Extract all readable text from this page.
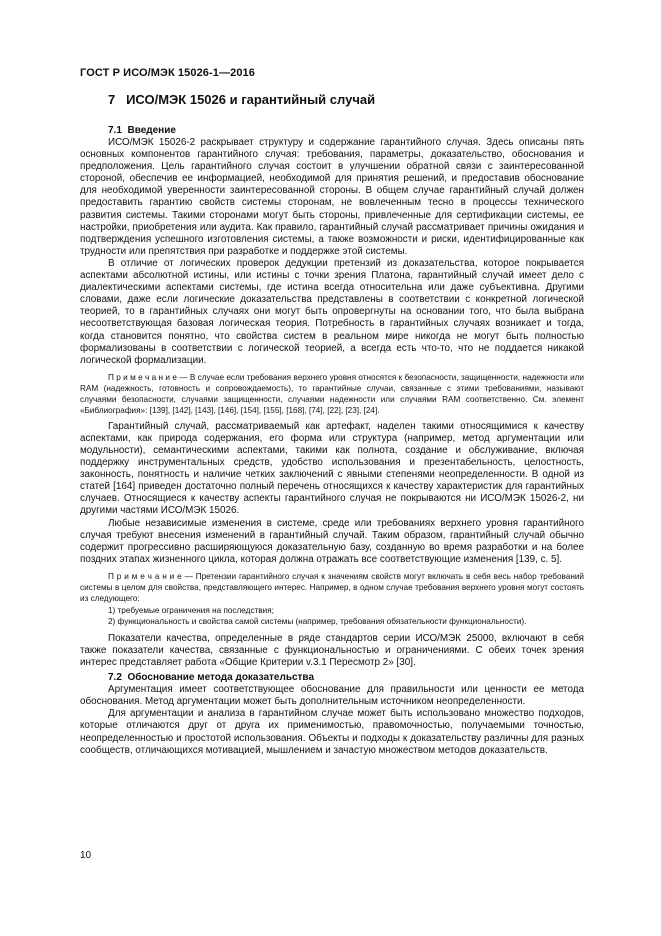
ГОСТ Р ИСО/МЭК 15026-1—2016
7 ИСО/МЭК 15026 и гарантийный случай
7.1 Введение

ИСО/МЭК 15026-2 раскрывает структуру и содержание гарантийного случая. Здесь описаны пять основных компонентов гарантийного случая: требования, параметры, доказательство, обоснования и предположения. Цель гарантийного случая состоит в улучшении обратной связи с заинтересованной стороной, обеспечив ее информацией, необходимой для принятия решений, и предоставив обоснование для необходимой уверенности заинтересованной стороны. В общем случае гарантийный случай должен предоставить гарантию свойств системы сторонам, не вовлеченным тесно в процессы технического развития системы. Такими сторонами могут быть стороны, привлеченные для сертификации системы, ее настройки, приобретения или аудита. Как правило, гарантийный случай рассматривает причины ожидания и подтверждения успешного изготовления системы, а также возможности и риски, идентифицированные как трудности или препятствия при разработке и поддержке этой системы.

В отличие от логических проверок дедукции претензий из доказательства, которое покрывается аспектами абсолютной истины, или истины с точки зрения Платона, гарантийный случай имеет дело с диалектическими аспектами системы, где истина всегда относительна или даже субъективна. Другими словами, даже если логические доказательства представлены в соответствии с конкретной логической теорией, то в гарантийных случаях они могут быть опровергнуты на основании того, что была выбрана несоответствующая базовая логическая теория. Потребность в гарантийных случаях возникает и тогда, когда становится понятно, что свойства систем в реальном мире никогда не могут быть полностью формализованы в соответствии с логической теорией, а всегда есть что-то, что не поддается никакой логической формализации.

П р и м е ч а н и е — В случае если требования верхнего уровня относятся к безопасности, защищенности, надежности или RAM (надежность, готовность и сопровождаемость), то гарантийные случаи, связанные с этими требованиями, называют случаями безопасности, случаями защищенности, случаями надежности или случаями RAM соответственно. См. элемент «Библиография»: [139], [142], [143], [146], [154], [155], [168], [74], [22], [23], [24].

Гарантийный случай, рассматриваемый как артефакт, наделен такими относящимися к качеству аспектами, как природа содержания, его форма или структура (например, метод аргументации или модульности), семантическими аспектами, такими как полнота, создание и обслуживание, включая поддержку инструментальных средств, удобство использования и презентабельность, целостность, законность, понятность и наличие четких заключений с явными степенями неопределенности. В одной из статей [164] приведен достаточно полный перечень относящихся к качеству характеристик для гарантийных случаев. Относящиеся к качеству аспекты гарантийного случая не покрываются ни ИСО/МЭК 15026-2, ни другими частями ИСО/МЭК 15026.

Любые независимые изменения в системе, среде или требованиях верхнего уровня гарантийного случая требуют внесения изменений в гарантийный случай. Таким образом, гарантийный случай обычно содержит прогрессивно расширяющуюся доказательную базу, созданную во время разработки и на более поздних этапах жизненного цикла, которая должна отражать все соответствующие изменения [139, с. 5].

П р и м е ч а н и е — Претензии гарантийного случая к значениям свойств могут включать в себя весь набор требований системы в целом для свойства, представляющего интерес. Например, в одном случае требования верхнего уровня могут состоять из следующего:

1) требуемые ограничения на последствия;

2) функциональность и свойства самой системы (например, требования обязательности функциональности).

Показатели качества, определенные в ряде стандартов серии ИСО/МЭК 25000, включают в себя также показатели качества, связанные с функциональностью и ограничениями. С обеих точек зрения интерес представляет работа «Общие Критерии v.3.1 Пересмотр 2» [30].

7.2 Обоснование метода доказательства

Аргументация имеет соответствующее обоснование для правильности или ценности ее метода обоснования. Метод аргументации может быть дополнительным источником неопределенности.

Для аргументации и анализа в гарантийном случае может быть использовано множество подходов, которые отличаются друг от друга их применимостью, правомочностью, получаемыми точностью, неопределенностью и простотой использования. Объекты и подходы к доказательству различны для разных сообществ, отличающихся мотивацией, мышлением и зачастую множеством методов доказательств.

10
